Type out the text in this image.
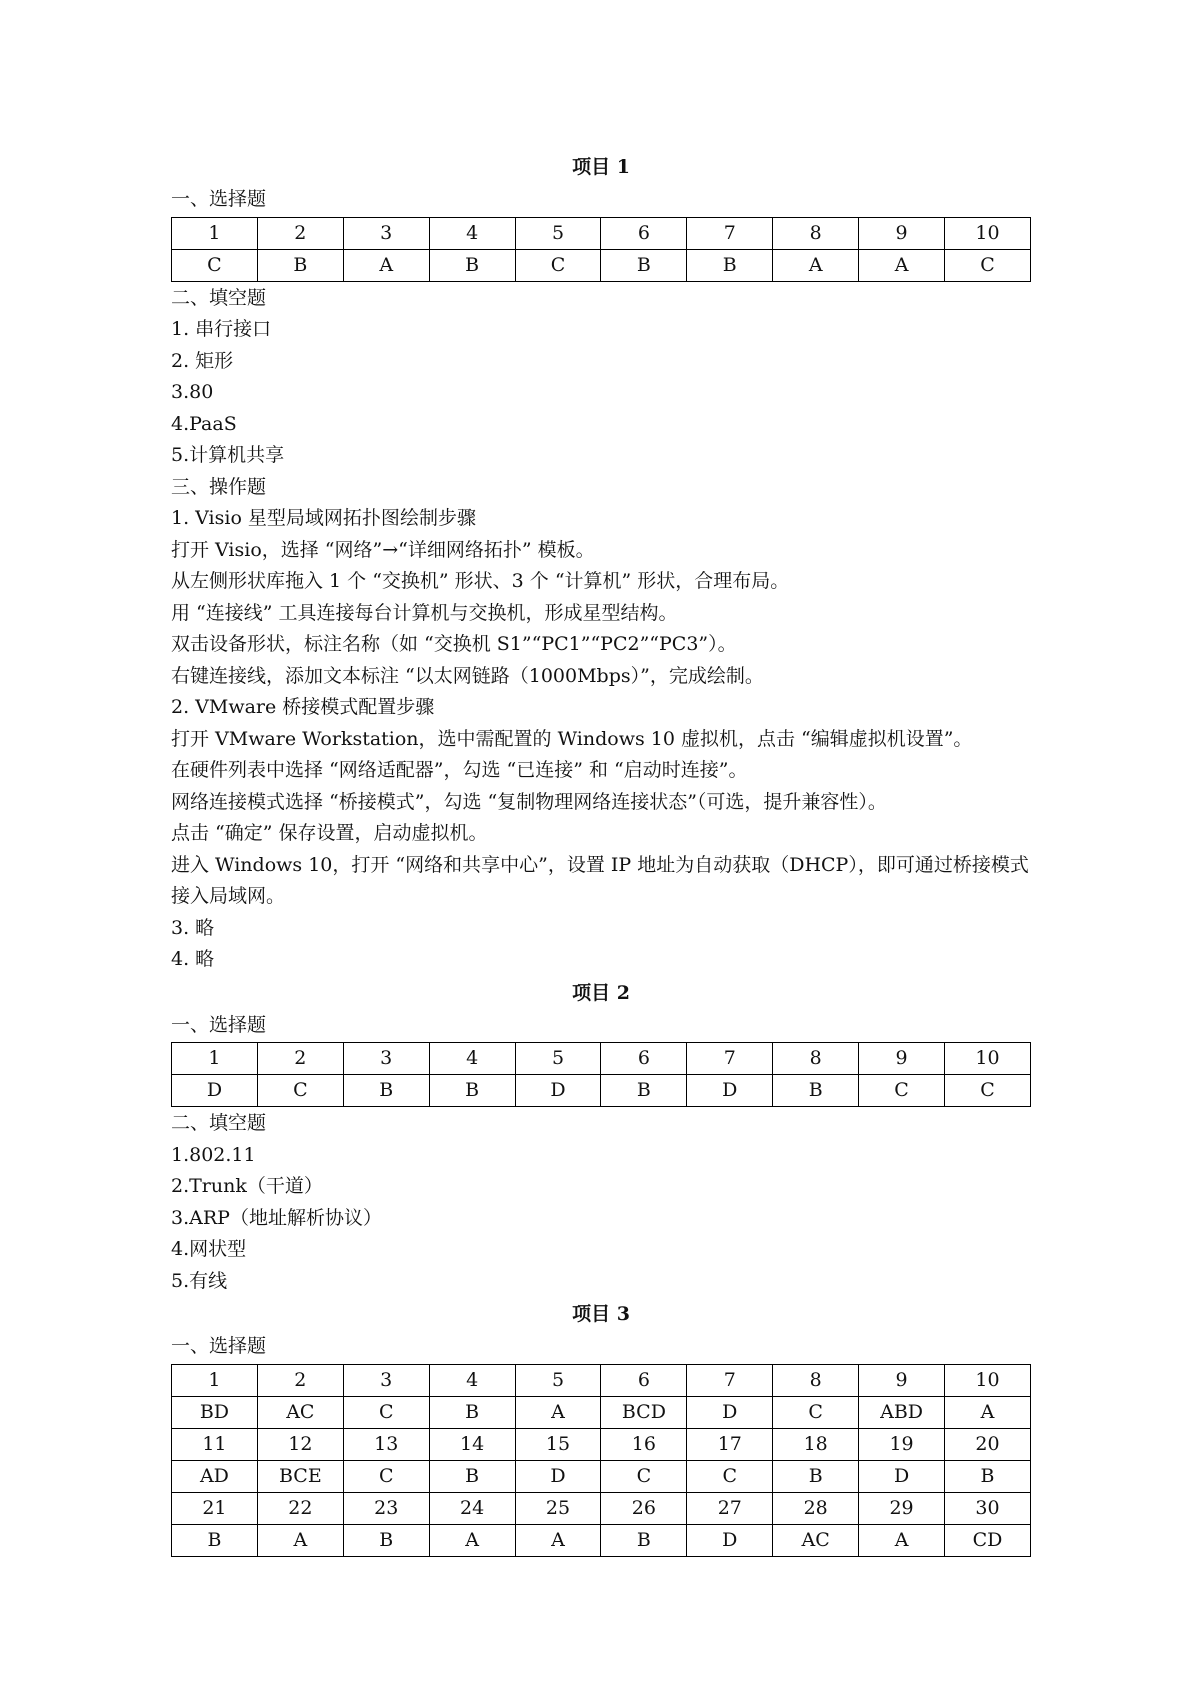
项目 1
一、选择题
1	2	3	4	5	6	7	8	9	10
C	B	A	B	C	B	B	A	A	C
二、填空题
1. 串行接口
2. 矩形
3.80
4.PaaS
5.计算机共享
三、操作题
1. Visio 星型局域网拓扑图绘制步骤
打开 Visio，选择 “网络”→“详细网络拓扑” 模板。
从左侧形状库拖入 1 个 “交换机” 形状、3 个 “计算机” 形状，合理布局。
用 “连接线” 工具连接每台计算机与交换机，形成星型结构。
双击设备形状，标注名称（如 “交换机 S1”“PC1”“PC2”“PC3”）。
右键连接线，添加文本标注 “以太网链路（1000Mbps）”，完成绘制。
2. VMware 桥接模式配置步骤
打开 VMware Workstation，选中需配置的 Windows 10 虚拟机，点击 “编辑虚拟机设置”。
在硬件列表中选择 “网络适配器”，勾选 “已连接” 和 “启动时连接”。
网络连接模式选择 “桥接模式”，勾选 “复制物理网络连接状态”（可选，提升兼容性）。
点击 “确定” 保存设置，启动虚拟机。
进入 Windows 10，打开 “网络和共享中心”，设置 IP 地址为自动获取（DHCP），即可通过桥接模式接入局域网。
3. 略
4. 略
项目 2
一、选择题
1	2	3	4	5	6	7	8	9	10
D	C	B	B	D	B	D	B	C	C
二、填空题
1.802.11
2.Trunk（干道）
3.ARP（地址解析协议）
4.网状型
5.有线
项目 3
一、选择题
1	2	3	4	5	6	7	8	9	10
BD	AC	C	B	A	BCD	D	C	ABD	A
11	12	13	14	15	16	17	18	19	20
AD	BCE	C	B	D	C	C	B	D	B
21	22	23	24	25	26	27	28	29	30
B	A	B	A	A	B	D	AC	A	CD
